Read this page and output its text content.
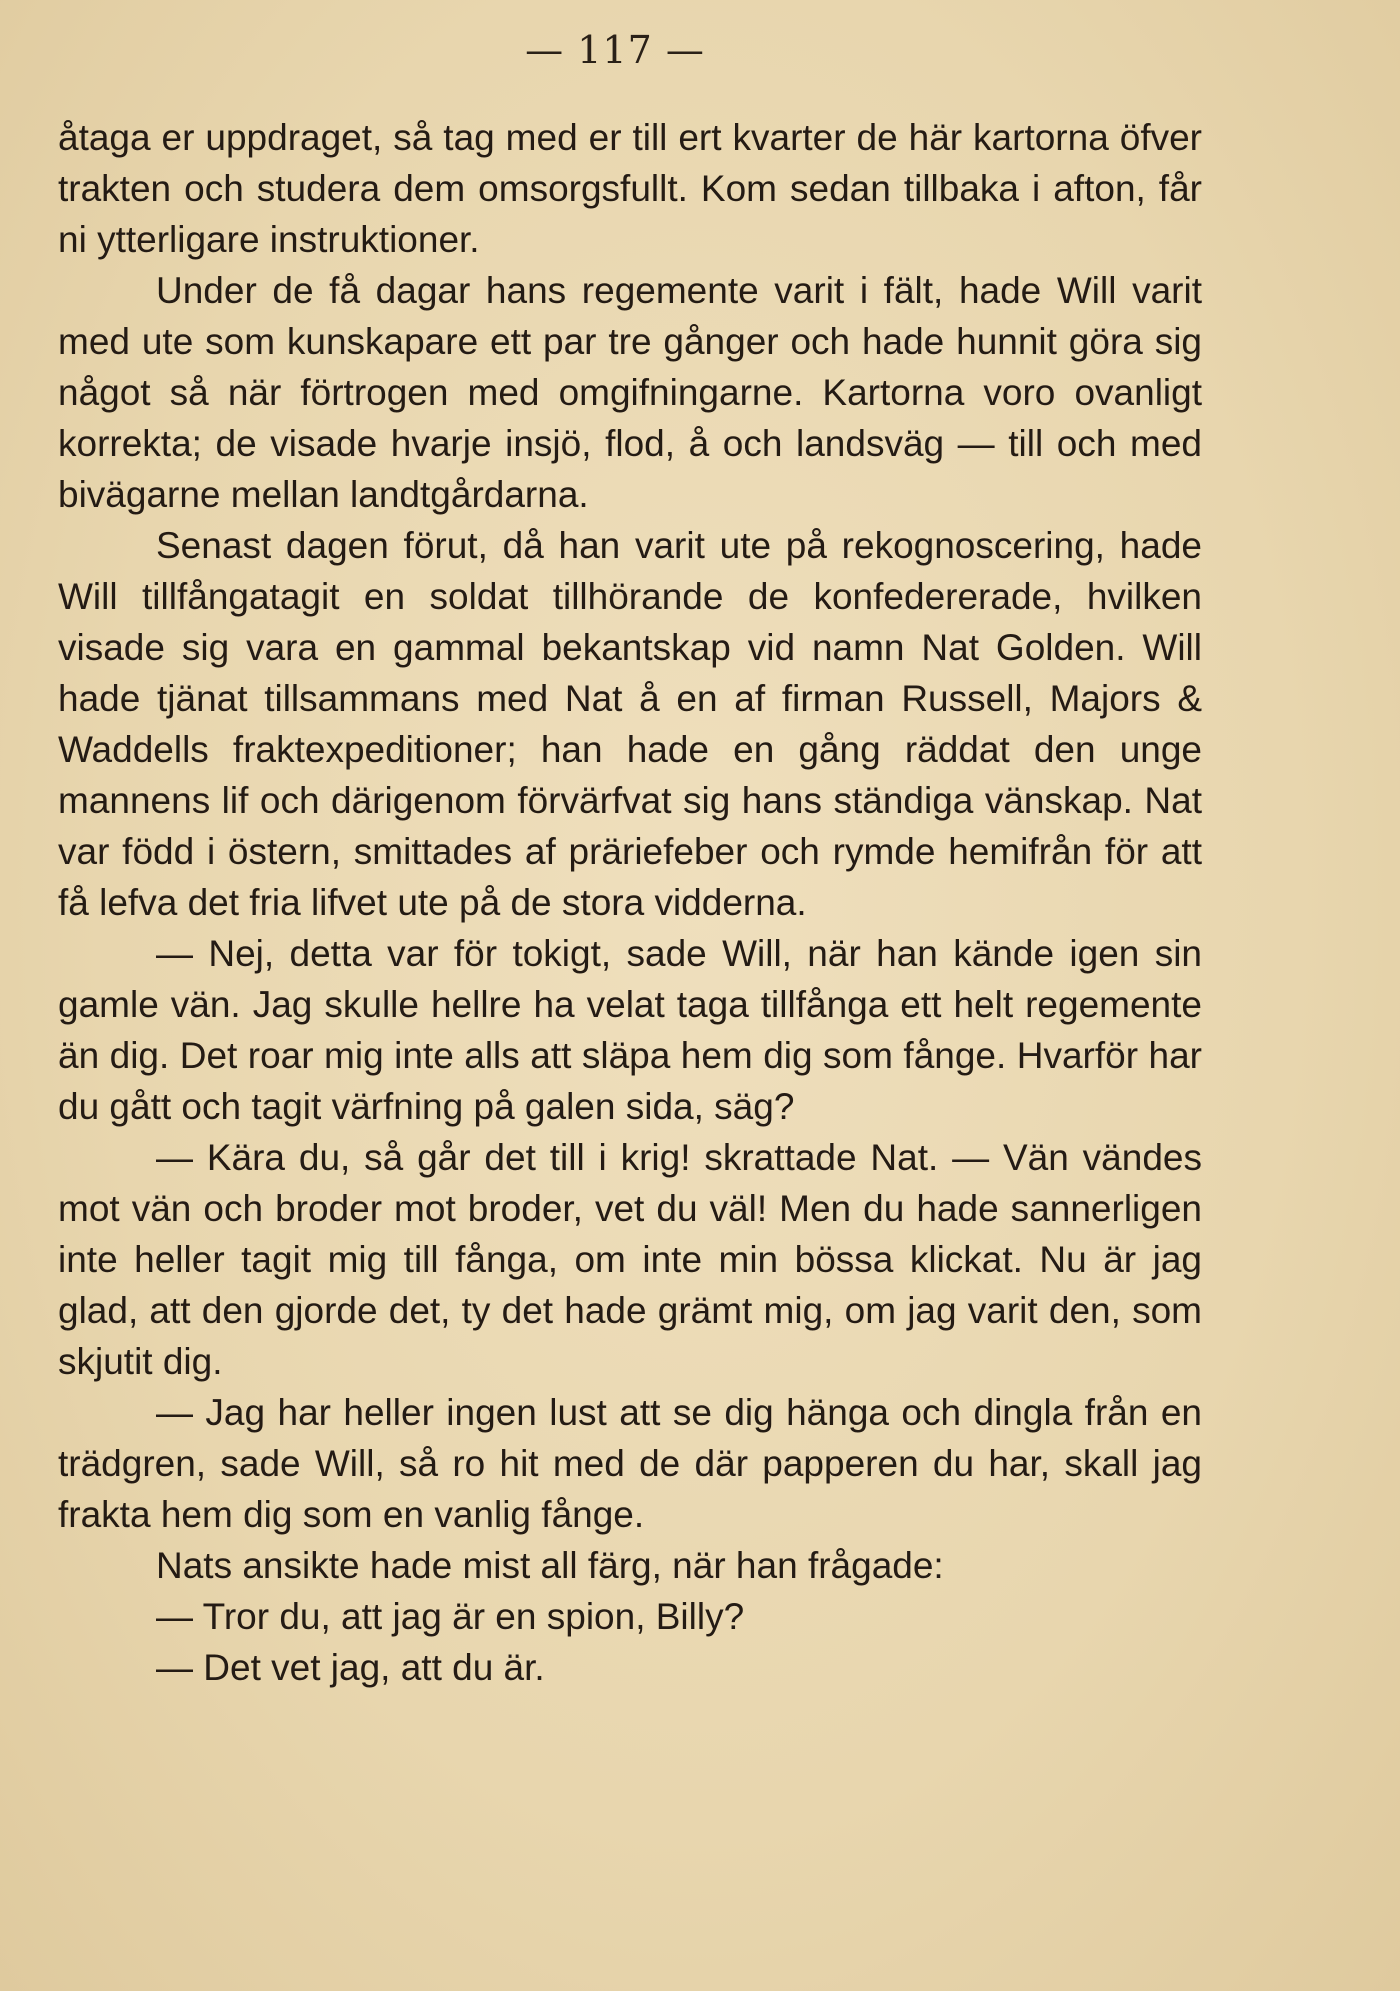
— 117 —

åtaga er uppdraget, så tag med er till ert kvarter de här kartorna öfver trakten och studera dem omsorgsfullt. Kom sedan tillbaka i afton, får ni ytterligare instruktioner.

Under de få dagar hans regemente varit i fält, hade Will varit med ute som kunskapare ett par tre gånger och hade hunnit göra sig något så när förtrogen med omgifningarne. Kartorna voro ovanligt korrekta; de visade hvarje insjö, flod, å och landsväg — till och med bivägarne mellan landtgårdarna.

Senast dagen förut, då han varit ute på rekognoscering, hade Will tillfångatagit en soldat tillhörande de konfedererade, hvilken visade sig vara en gammal bekantskap vid namn Nat Golden. Will hade tjänat tillsammans med Nat å en af firman Russell, Majors & Waddells fraktexpeditioner; han hade en gång räddat den unge mannens lif och därigenom förvärfvat sig hans ständiga vänskap. Nat var född i östern, smittades af präriefeber och rymde hemifrån för att få lefva det fria lifvet ute på de stora vidderna.

— Nej, detta var för tokigt, sade Will, när han kände igen sin gamle vän. Jag skulle hellre ha velat taga tillfånga ett helt regemente än dig. Det roar mig inte alls att släpa hem dig som fånge. Hvarför har du gått och tagit värfning på galen sida, säg?

— Kära du, så går det till i krig! skrattade Nat. — Vän vändes mot vän och broder mot broder, vet du väl! Men du hade sannerligen inte heller tagit mig till fånga, om inte min bössa klickat. Nu är jag glad, att den gjorde det, ty det hade grämt mig, om jag varit den, som skjutit dig.

— Jag har heller ingen lust att se dig hänga och dingla från en trädgren, sade Will, så ro hit med de där papperen du har, skall jag frakta hem dig som en vanlig fånge.

Nats ansikte hade mist all färg, när han frågade:

— Tror du, att jag är en spion, Billy?

— Det vet jag, att du är.
